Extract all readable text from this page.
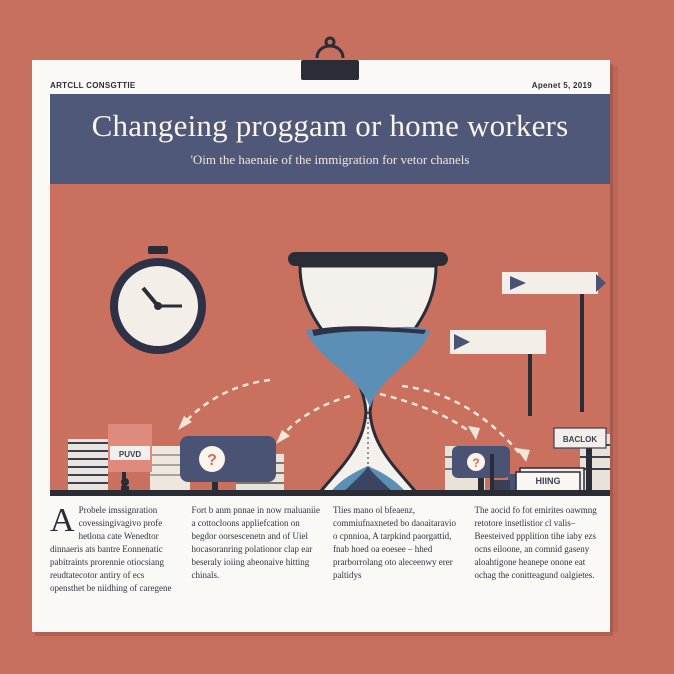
ARTCLL CONSGTTIE	Apenet 5, 2019
Changeing proggam or home workers
'Oim the haenaie of the immigration for vetor chanels
PUVD	?	?
HIING
BACLOK
A Probele imssignration covessingivagivo profe hetlona cate Wenedtor dinnaeris ats bantre Eonnenatic pabitraints prorennie otiocsiang reudtatecotor antiry of ecs opensthet be niidhing of caregene
Fort b anm pnnae in now rnaluaniie a cottocloons appliefcation on begdor oorsescenetn and of Uiel hocasoranring polationor clap ear beseraly ioiing abeonaive hitting chinals.
Tlies mano ol bfeaenz, commiufnaxneted bo daoaitaravio o cpnnioa, A tarpkind paorgattid, fnab hoed oa eoesee – hhed prarborrolang oto aleceenwy erer paltidys
The aocid fo fot emirites oawmng retotore insetlistior cl valis– Beesteived ppplition tihe iaby ezs ocns eiloone, an comnid gaseny aloahtigone heanepe onone eat ochag the conitteagund oalgietes.
